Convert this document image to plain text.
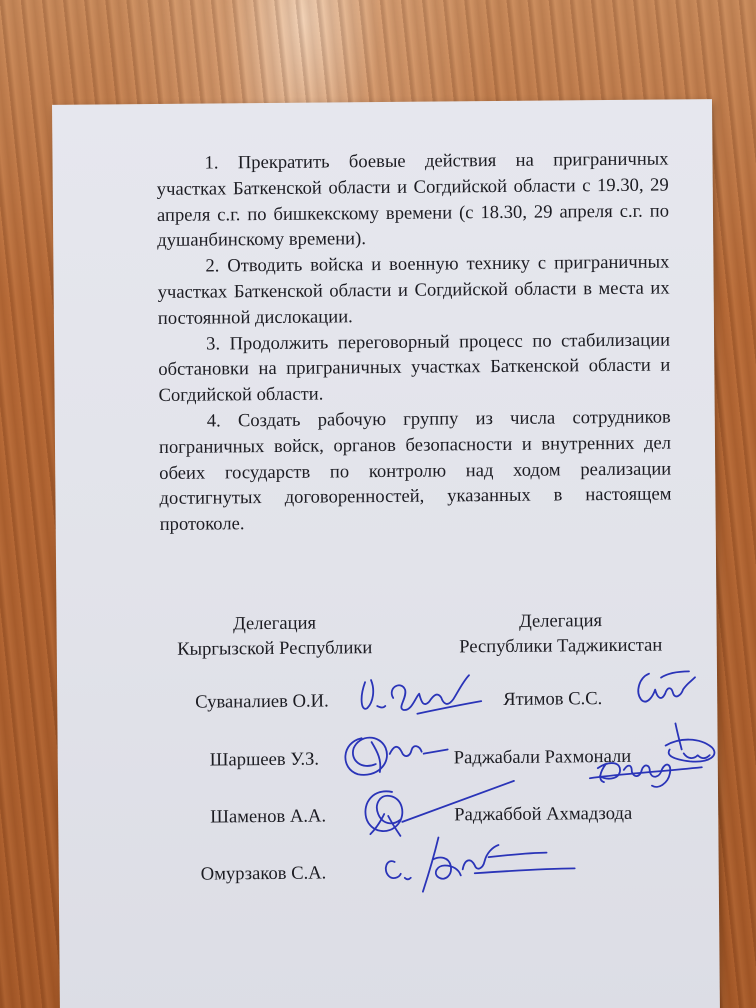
1. Прекратить боевые действия на приграничных участках Баткенской области и Согдийской области с 19.30, 29 апреля с.г. по бишкекскому времени (с 18.30, 29 апреля с.г. по душанбинскому времени).

2. Отводить войска и военную технику с приграничных участках Баткенской области и Согдийской области в места их постоянной дислокации.

3. Продолжить переговорный процесс по стабилизации обстановки на приграничных участках Баткенской области и Согдийской области.

4. Создать рабочую группу из числа сотрудников пограничных войск, органов безопасности и внутренних дел обеих государств по контролю над ходом реализации достигнутых договоренностей, указанных в настоящем протоколе.

Делегация
Кыргызской Республики
Делегация
Республики Таджикистан
Суваналиев О.И.
Шаршеев У.З.
Шаменов А.А.
Омурзаков С.А.
Ятимов С.С.
Раджабали Рахмонали
Раджаббой Ахмадзода
